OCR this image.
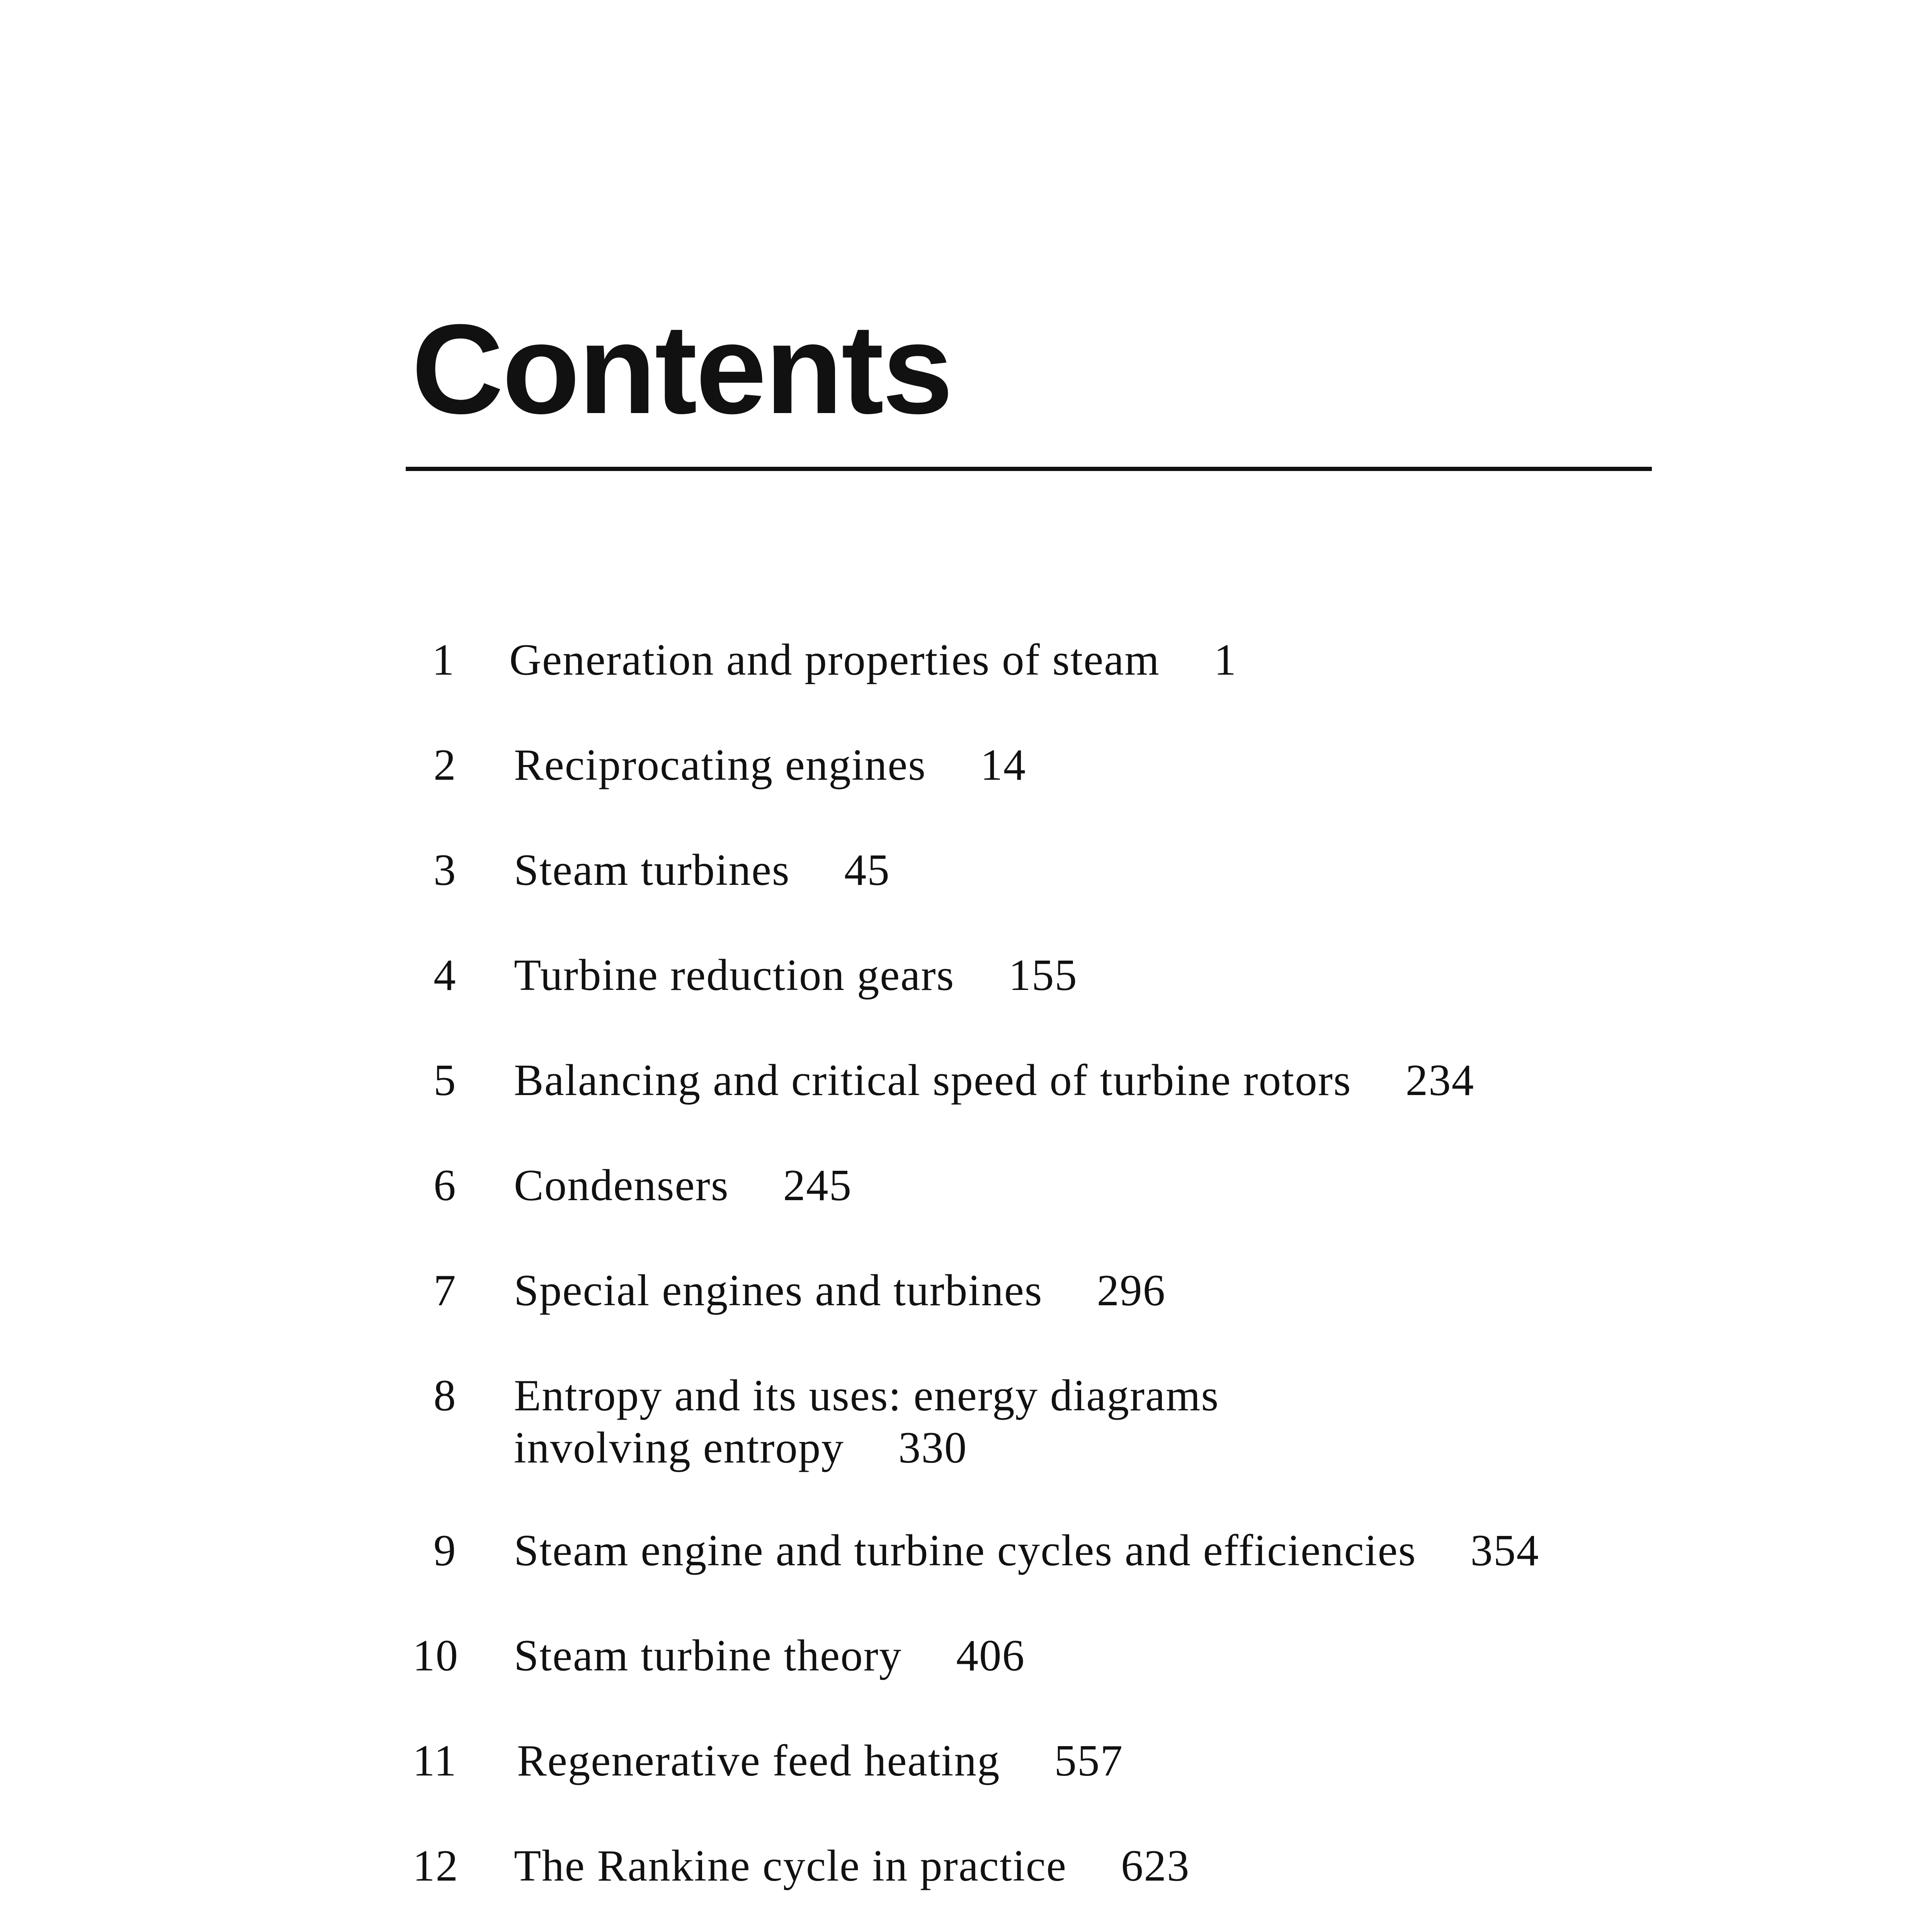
Contents
1 Generation and properties of steam 1
2 Reciprocating engines 14
3 Steam turbines 45
4 Turbine reduction gears 155
5 Balancing and critical speed of turbine rotors 234
6 Condensers 245
7 Special engines and turbines 296
8 Entropy and its uses: energy diagrams
involving entropy 330
9 Steam engine and turbine cycles and efficiencies 354
10 Steam turbine theory 406
11 Regenerative feed heating 557
12 The Rankine cycle in practice 623
